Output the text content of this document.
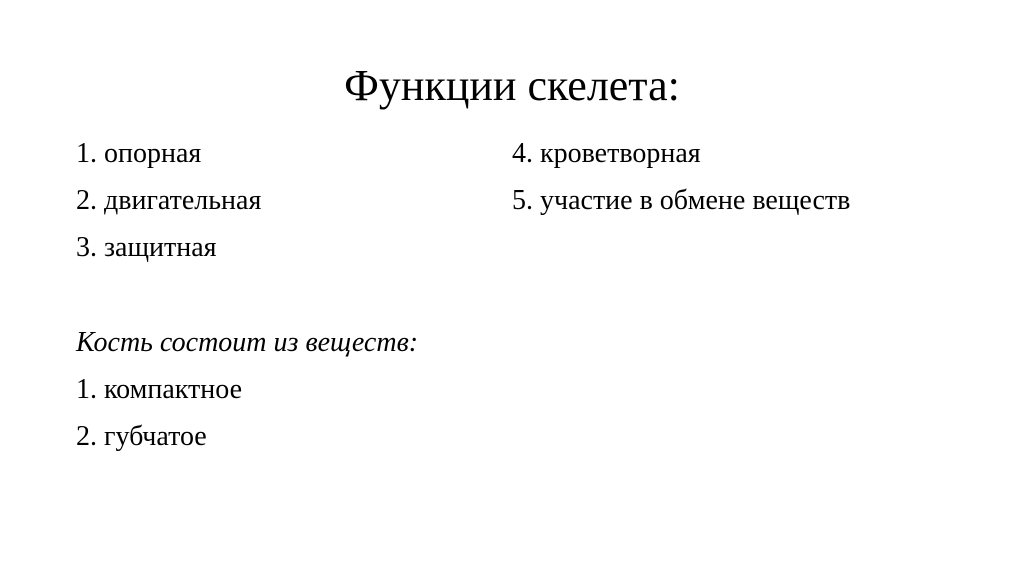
Функции скелета:
1. опорная
2. двигательная
3. защитная
4. кроветворная
5. участие в обмене веществ
Кость состоит из веществ:
1. компактное
2. губчатое
